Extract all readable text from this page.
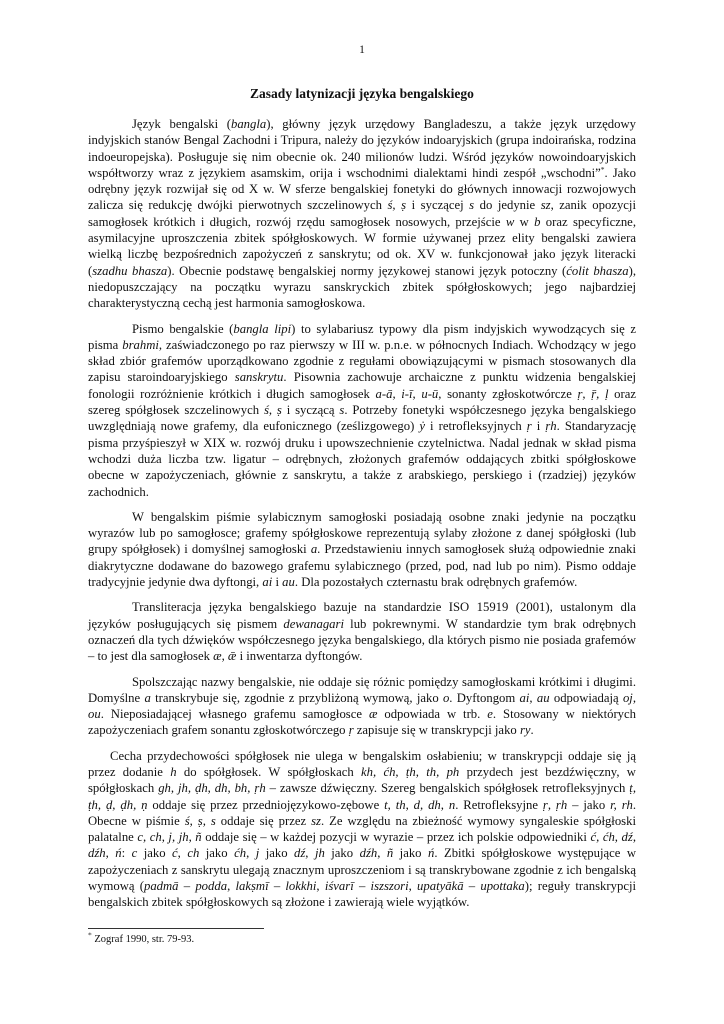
1
Zasady latynizacji języka bengalskiego

Język bengalski (bangla), główny język urzędowy Bangladeszu, a także język urzędowy indyjskich stanów Bengal Zachodni i Tripura, należy do języków indoaryjskich (grupa indoirańska, rodzina indoeuropejska). Posługuje się nim obecnie ok. 240 milionów ludzi. Wśród języków nowoindoaryjskich współtworzy wraz z językiem asamskim, orija i wschodnimi dialektami hindi zespół „wschodni”*. Jako odrębny język rozwijał się od X w. W sferze bengalskiej fonetyki do głównych innowacji rozwojowych zalicza się redukcję dwójki pierwotnych szczelinowych ś, ṣ i syczącej s do jedynie sz, zanik opozycji samogłosek krótkich i długich, rozwój rzędu samogłosek nosowych, przejście w w b oraz specyficzne, asymilacyjne uproszczenia zbitek spółgłoskowych. W formie używanej przez elity bengalski zawiera wielką liczbę bezpośrednich zapożyczeń z sanskrytu; od ok. XV w. funkcjonował jako język literacki (szadhu bhasza). Obecnie podstawę bengalskiej normy językowej stanowi język potoczny (ćolit bhasza), niedopuszczający na początku wyrazu sanskryckich zbitek spółgłoskowych; jego najbardziej charakterystyczną cechą jest harmonia samogłoskowa.

Pismo bengalskie (bangla lipi) to sylabariusz typowy dla pism indyjskich wywodzących się z pisma brahmi, zaświadczonego po raz pierwszy w III w. p.n.e. w północnych Indiach. Wchodzący w jego skład zbiór grafemów uporządkowano zgodnie z regułami obowiązującymi w pismach stosowanych dla zapisu staroindoaryjskiego sanskrytu. Pisownia zachowuje archaiczne z punktu widzenia bengalskiej fonologii rozróżnienie krótkich i długich samogłosek a-ā, i-ī, u-ū, sonanty zgłoskotwórcze ṛ, ṝ, ḷ oraz szereg spółgłosek szczelinowych ś, ṣ i syczącą s. Potrzeby fonetyki współczesnego języka bengalskiego uwzględniają nowe grafemy, dla eufonicznego (ześlizgowego) ẏ i retrofleksyjnych ṛ i ṛh. Standaryzację pisma przyśpieszył w XIX w. rozwój druku i upowszechnienie czytelnictwa. Nadal jednak w skład pisma wchodzi duża liczba tzw. ligatur – odrębnych, złożonych grafemów oddających zbitki spółgłoskowe obecne w zapożyczeniach, głównie z sanskrytu, a także z arabskiego, perskiego i (rzadziej) języków zachodnich.

W bengalskim piśmie sylabicznym samogłoski posiadają osobne znaki jedynie na początku wyrazów lub po samogłosce; grafemy spółgłoskowe reprezentują sylaby złożone z danej spółgłoski (lub grupy spółgłosek) i domyślnej samogłoski a. Przedstawieniu innych samogłosek służą odpowiednie znaki diakrytyczne dodawane do bazowego grafemu sylabicznego (przed, pod, nad lub po nim). Pismo oddaje tradycyjnie jedynie dwa dyftongi, ai i au. Dla pozostałych czternastu brak odrębnych grafemów.

Transliteracja języka bengalskiego bazuje na standardzie ISO 15919 (2001), ustalonym dla języków posługujących się pismem dewanagari lub pokrewnymi. W standardzie tym brak odrębnych oznaczeń dla tych dźwięków współczesnego języka bengalskiego, dla których pismo nie posiada grafemów – to jest dla samogłosek æ, ǣ i inwentarza dyftongów.

Spolszczając nazwy bengalskie, nie oddaje się różnic pomiędzy samogłoskami krótkimi i długimi. Domyślne a transkrybuje się, zgodnie z przybliżoną wymową, jako o. Dyftongom ai, au odpowiadają oj, ou. Nieposiadającej własnego grafemu samogłosce æ odpowiada w trb. e. Stosowany w niektórych zapożyczeniach grafem sonantu zgłoskotwórczego ṛ zapisuje się w transkrypcji jako ry.

Cecha przydechowości spółgłosek nie ulega w bengalskim osłabieniu; w transkrypcji oddaje się ją przez dodanie h do spółgłosek. W spółgłoskach kh, ćh, ṭh, th, ph przydech jest bezdźwięczny, w spółgłoskach gh, jh, ḍh, dh, bh, ṛh – zawsze dźwięczny. Szereg bengalskich spółgłosek retrofleksyjnych ṭ, ṭh, ḍ, ḍh, ṇ oddaje się przez przedniojęzykowo-zębowe t, th, d, dh, n. Retrofleksyjne ṛ, ṛh – jako r, rh. Obecne w piśmie ś, ṣ, s oddaje się przez sz. Ze względu na zbieżność wymowy syngaleskie spółgłoski palatalne c, ch, j, jh, ñ oddaje się – w każdej pozycji w wyrazie – przez ich polskie odpowiedniki ć, ćh, dź, dźh, ń: c jako ć, ch jako ćh, j jako dź, jh jako dźh, ñ jako ń. Zbitki spółgłoskowe występujące w zapożyczeniach z sanskrytu ulegają znacznym uproszczeniom i są transkrybowane zgodnie z ich bengalską wymową (padmā – podda, lakṣmī – lokkhi, iśvarī – iszszori, upatyākā – upottaka); reguły transkrypcji bengalskich zbitek spółgłoskowych są złożone i zawierają wiele wyjątków.

* Zograf 1990, str. 79-93.
